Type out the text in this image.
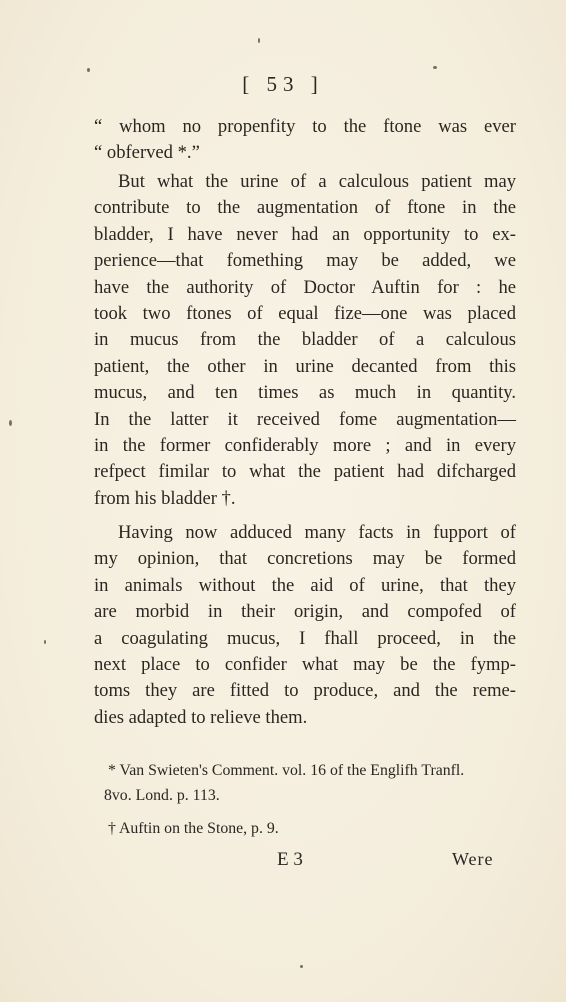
[ 53 ]
“ whom no propenfity to the ftone was ever
“ obferved *.”
But what the urine of a calculous patient may
contribute to the augmentation of ftone in the
bladder, I have never had an opportunity to ex-
perience—that fomething may be added, we
have the authority of Doctor Auftin for : he
took two ftones of equal fize—one was placed
in mucus from the bladder of a calculous
patient, the other in urine decanted from this
mucus, and ten times as much in quantity.
In the latter it received fome augmentation—
in the former confiderably more ; and in every
refpect fimilar to what the patient had difcharged
from his bladder †.
Having now adduced many facts in fupport of
my opinion, that concretions may be formed
in animals without the aid of urine, that they
are morbid in their origin, and compofed of
a coagulating mucus, I fhall proceed, in the
next place to confider what may be the fymp-
toms they are fitted to produce, and the reme-
dies adapted to relieve them.
* Van Swieten's Comment. vol. 16 of the Englifh Tranfl.
8vo. Lond. p. 113.
† Auftin on the Stone, p. 9.
E 3	Were
